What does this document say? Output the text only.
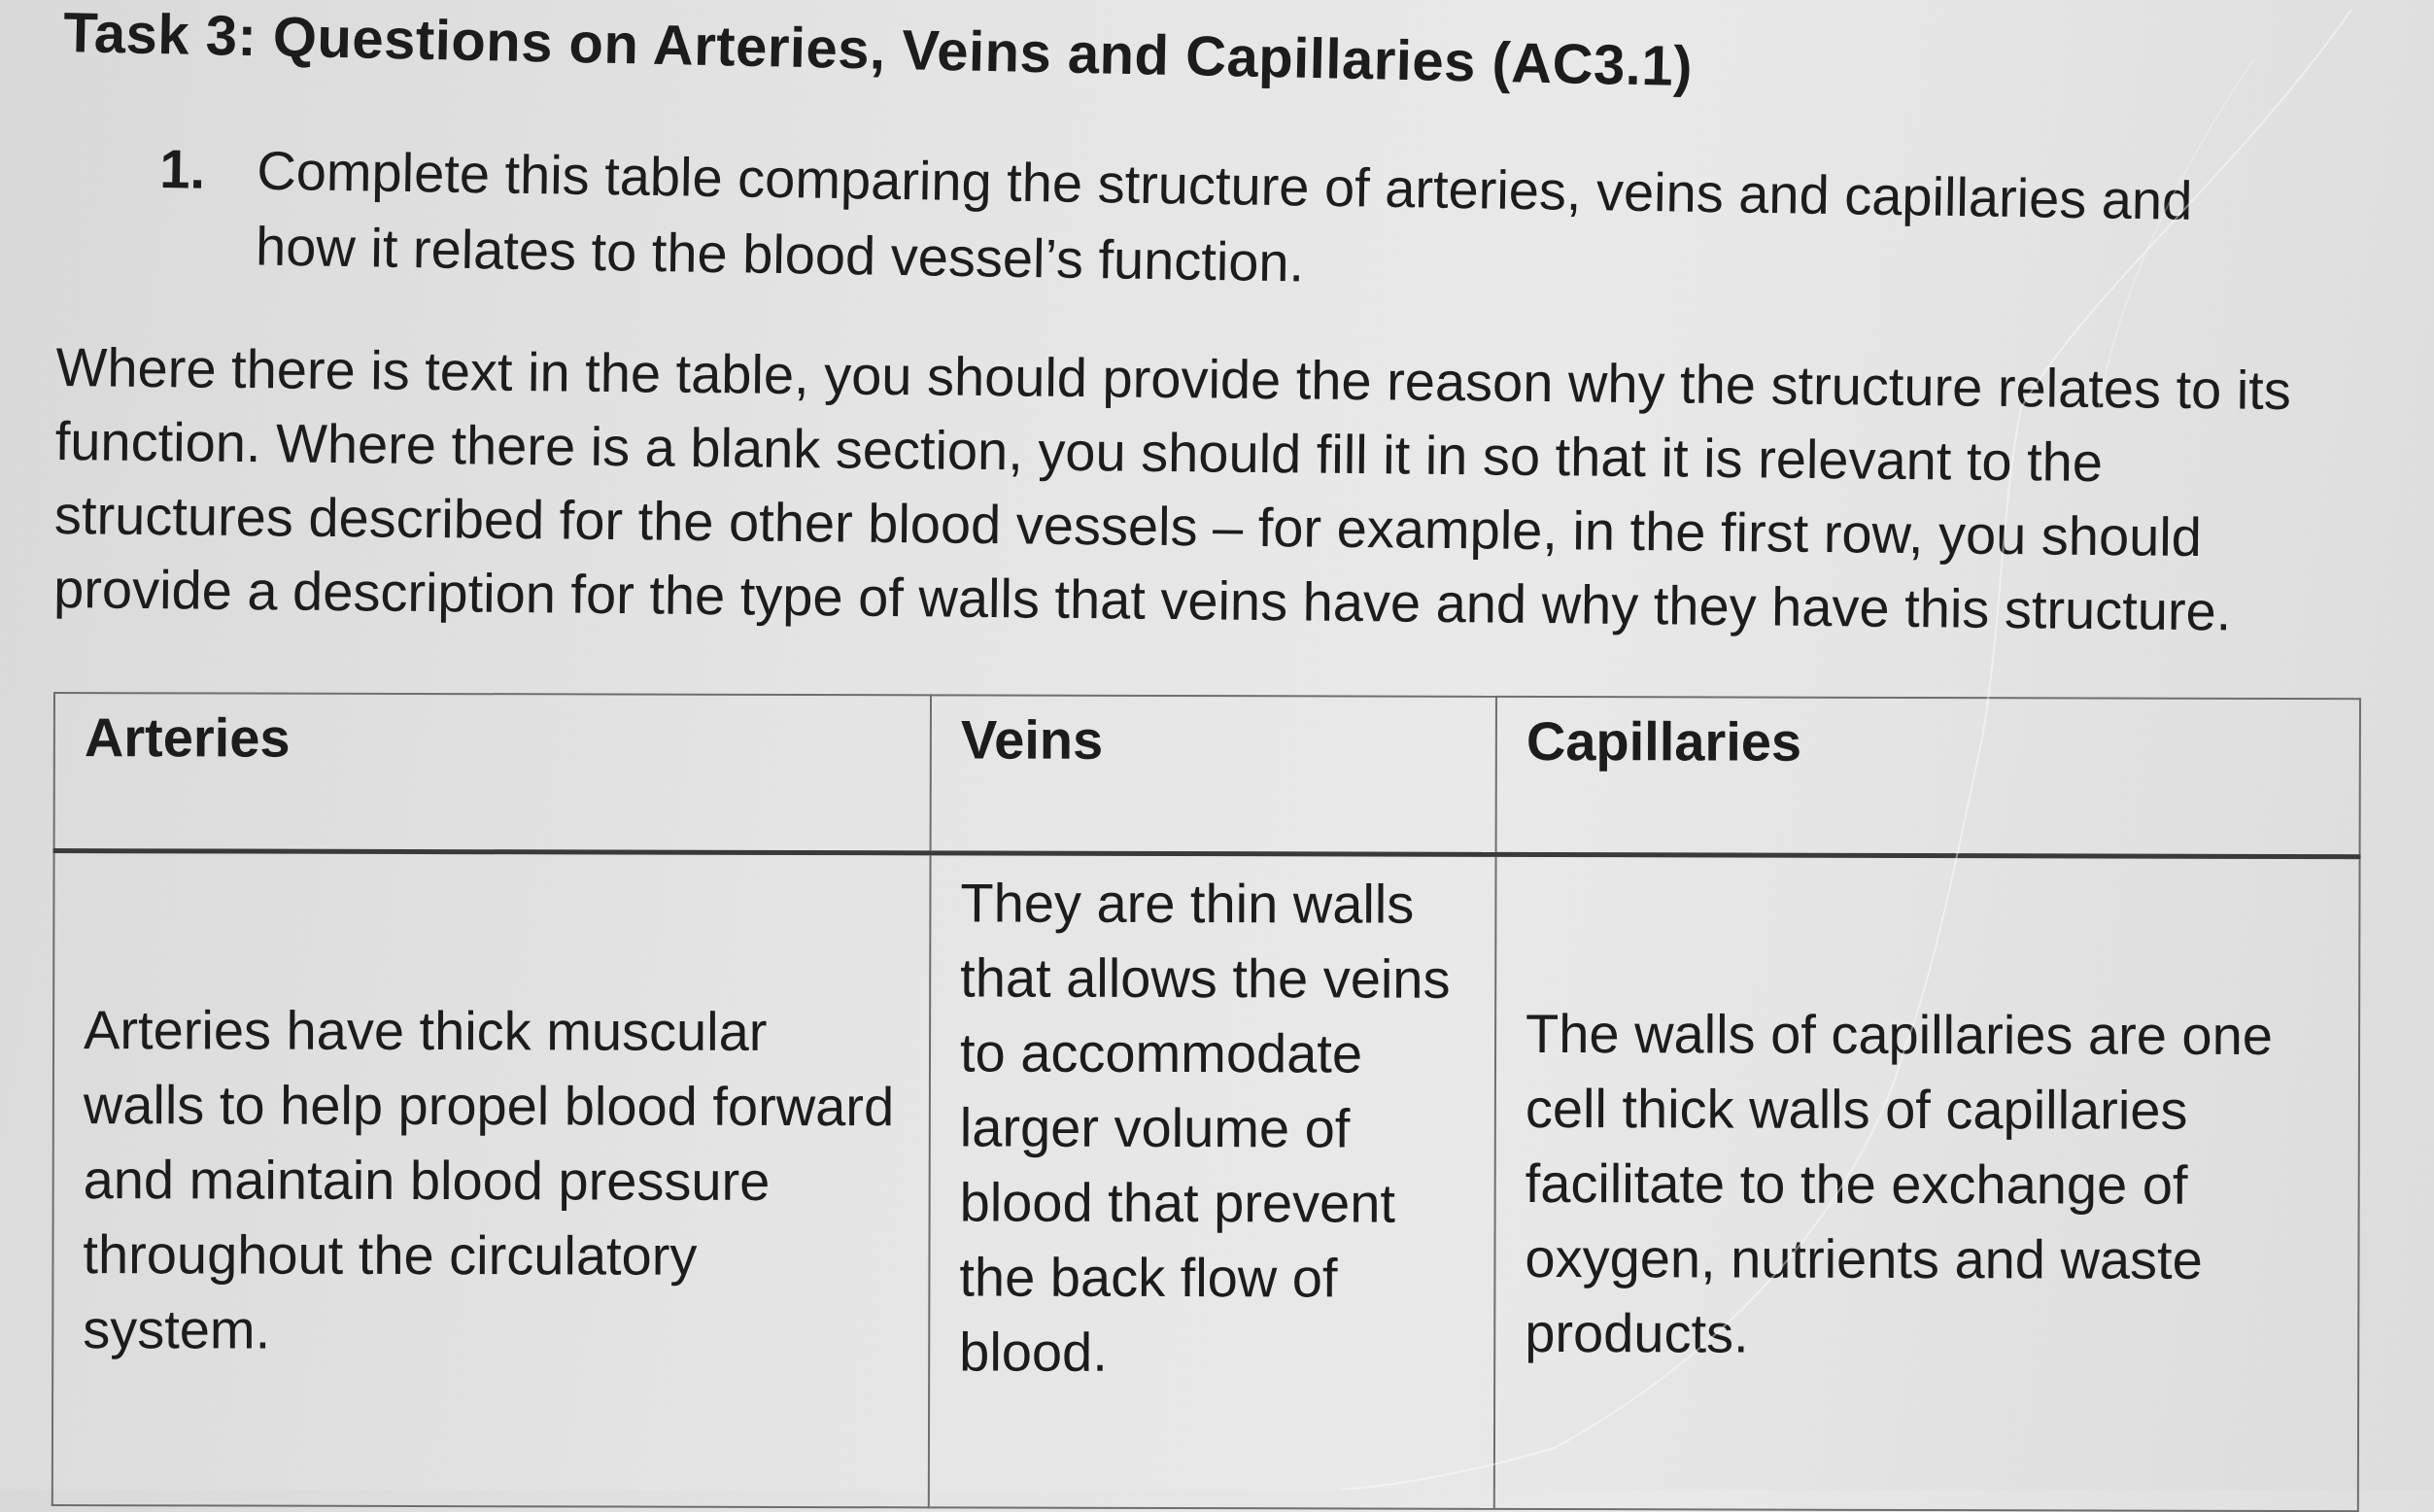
Task 3: Questions on Arteries, Veins and Capillaries (AC3.1)
1. Complete this table comparing the structure of arteries, veins and capillaries and how it relates to the blood vessel’s function.
Where there is text in the table, you should provide the reason why the structure relates to its function. Where there is a blank section, you should fill it in so that it is relevant to the structures described for the other blood vessels – for example, in the first row, you should provide a description for the type of walls that veins have and why they have this structure.
Arteries	Veins	Capillaries

Arteries have thick muscular walls to help propel blood forward and maintain blood pressure throughout the circulatory system.	They are thin walls that allows the veins to accommodate larger volume of blood that prevent the back flow of blood.	The walls of capillaries are one cell thick walls of capillaries facilitate to the exchange of oxygen, nutrients and waste products.
